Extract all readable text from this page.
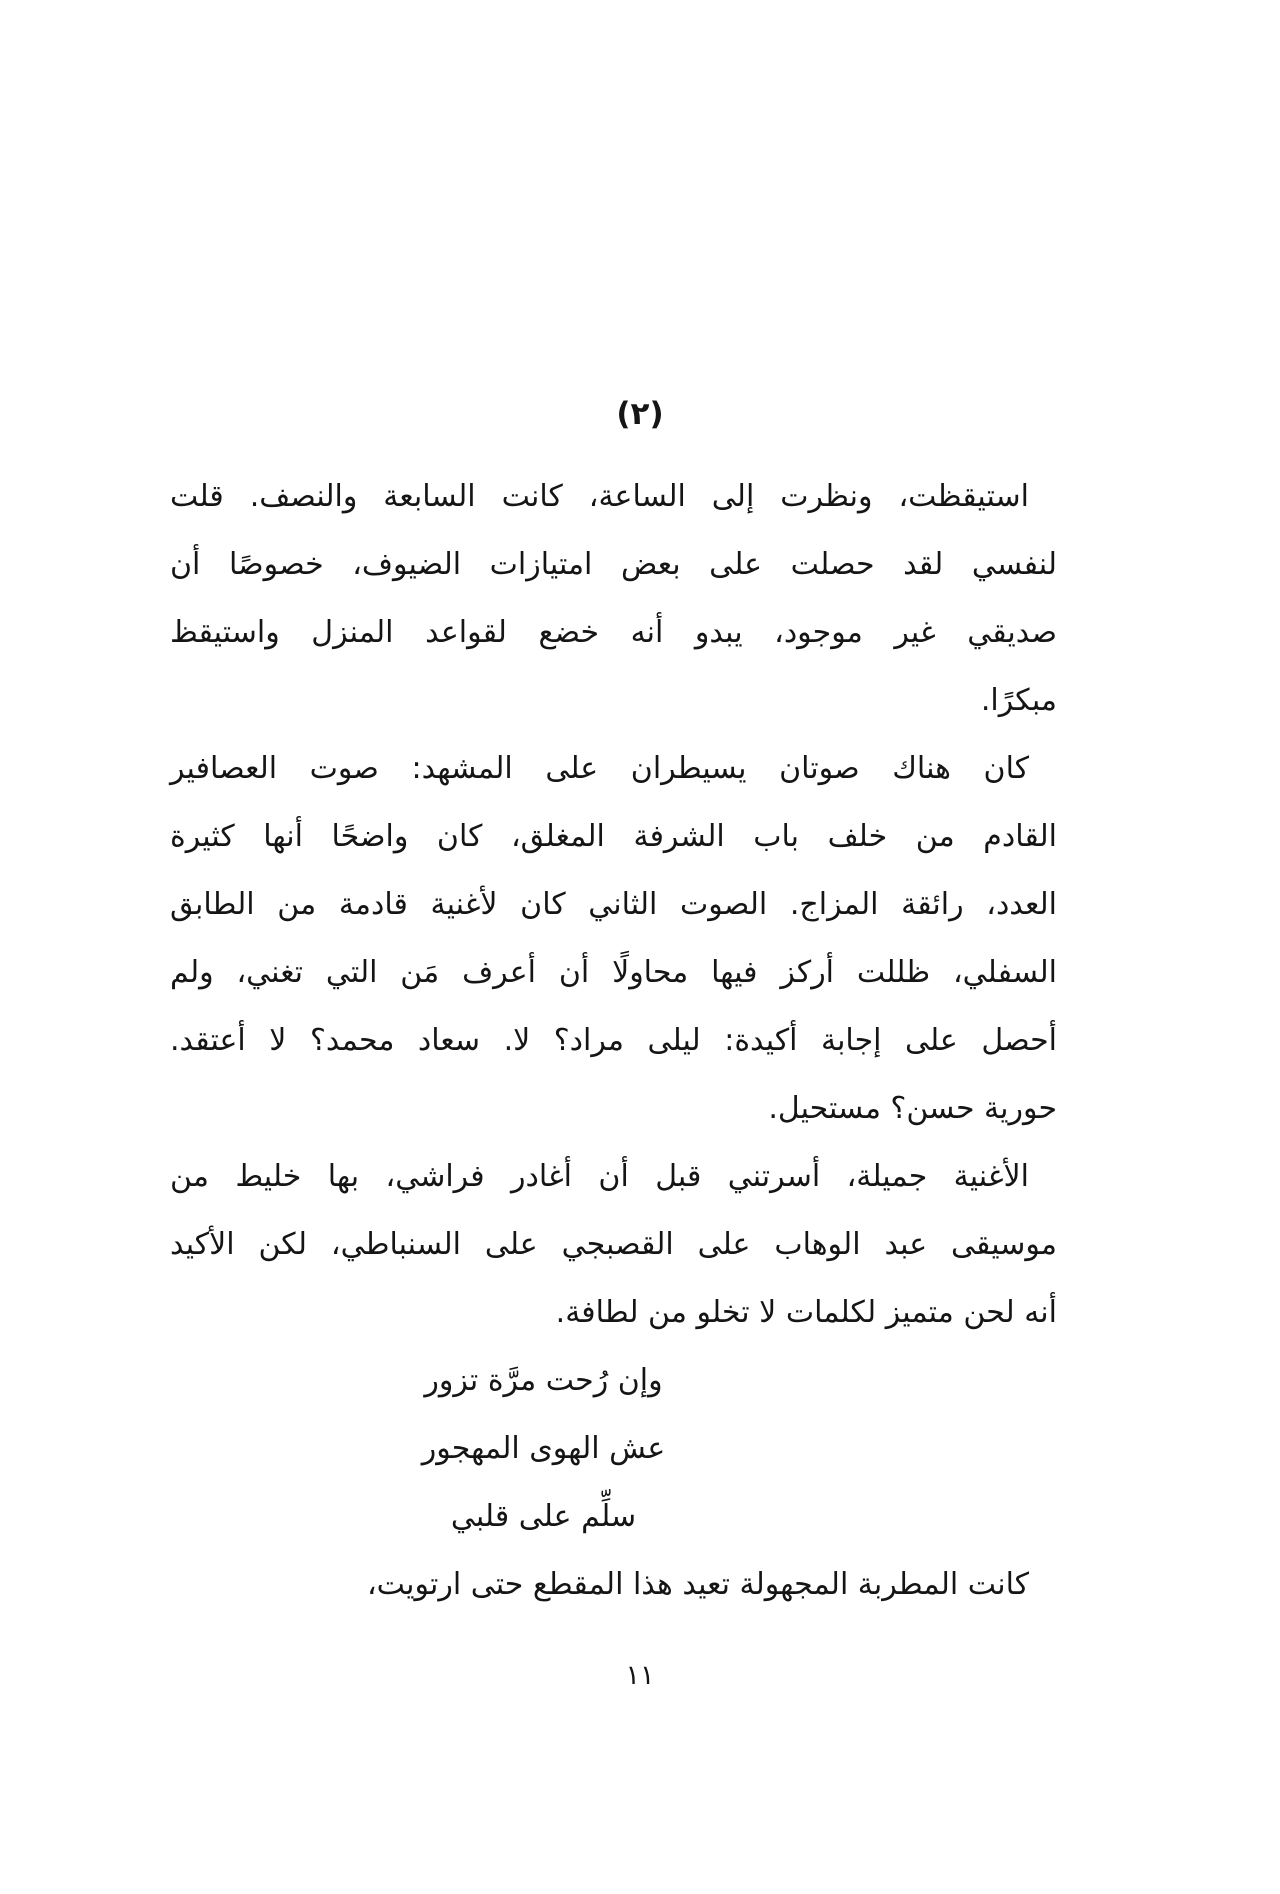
(٢)
استيقظت، ونظرت إلى الساعة، كانت السابعة والنصف. قلت
لنفسي لقد حصلت على بعض امتيازات الضيوف، خصوصًا أن
صديقي غير موجود، يبدو أنه خضع لقواعد المنزل واستيقظ
مبكرًا.
كان هناك صوتان يسيطران على المشهد: صوت العصافير
القادم من خلف باب الشرفة المغلق، كان واضحًا أنها كثيرة
العدد، رائقة المزاج. الصوت الثاني كان لأغنية قادمة من الطابق
السفلي، ظللت أركز فيها محاولًا أن أعرف مَن التي تغني، ولم
أحصل على إجابة أكيدة: ليلى مراد؟ لا. سعاد محمد؟ لا أعتقد.
حورية حسن؟ مستحيل.
الأغنية جميلة، أسرتني قبل أن أغادر فراشي، بها خليط من
موسيقى عبد الوهاب على القصبجي على السنباطي، لكن الأكيد
أنه لحن متميز لكلمات لا تخلو من لطافة.
وإن رُحت مرَّة تزور
عش الهوى المهجور
سلِّم على قلبي
كانت المطربة المجهولة تعيد هذا المقطع حتى ارتويت،
١١
